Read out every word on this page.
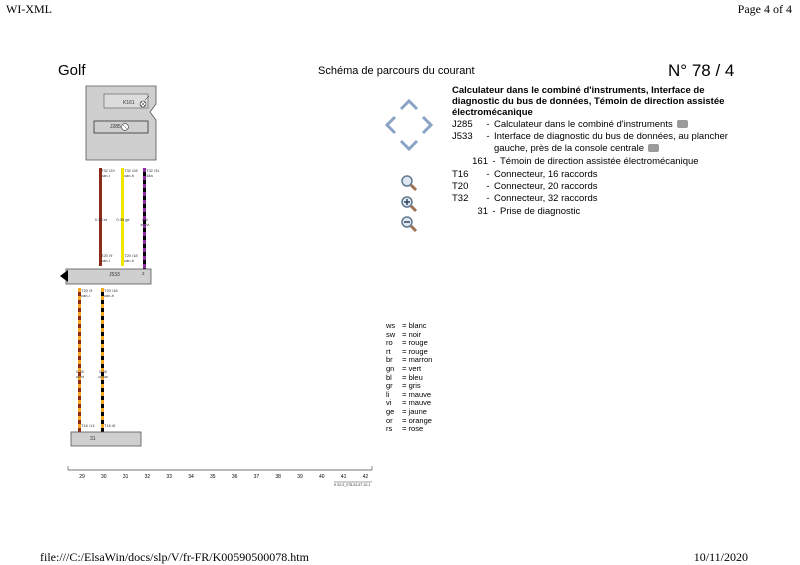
WI-XML	Page 4 of 4
Golf	Schéma de parcours du courant	N° 78 / 4
Calculateur dans le combiné d'instruments, Interface de diagnostic du bus de données, Témoin de direction assistée électromécanique
J285 - Calculateur dans le combiné d'instruments
J533 - Interface de diagnostic du bus de données, au plancher
gauche, près de la console centrale
161 - Témoin de direction assistée électromécanique
T16 - Connecteur, 16 raccords
T20 - Connecteur, 20 raccords
T32 - Connecteur, 32 raccords
31 - Prise de diagnostic
ws = blanc
sw = noir
ro = rouge
rt = rouge
br = marron
gn = vert
bl = bleu
gr = gris
li = mauve
vi = mauve
ge = jaune
or = orange
rs = rose
K161
J285
J533
31
2
T32 /29 can-l
T32 /28 can-h
T32 /31 18a
0.35 br 0.35 ge	0.5 sw/vi
T20 /9 can-l
T20 /18 can-h
T20 /9 can-l
T20 /18 can-h
0.35 or/br
0.35 or/sw
T16 /14 T16 /6
29	30	31	32	33	34	35	36	37	38	39	40	41	42
K 00-5_078-04-57-10-1
file:///C:/ElsaWin/docs/slp/V/fr-FR/K00590500078.htm	10/11/2020
